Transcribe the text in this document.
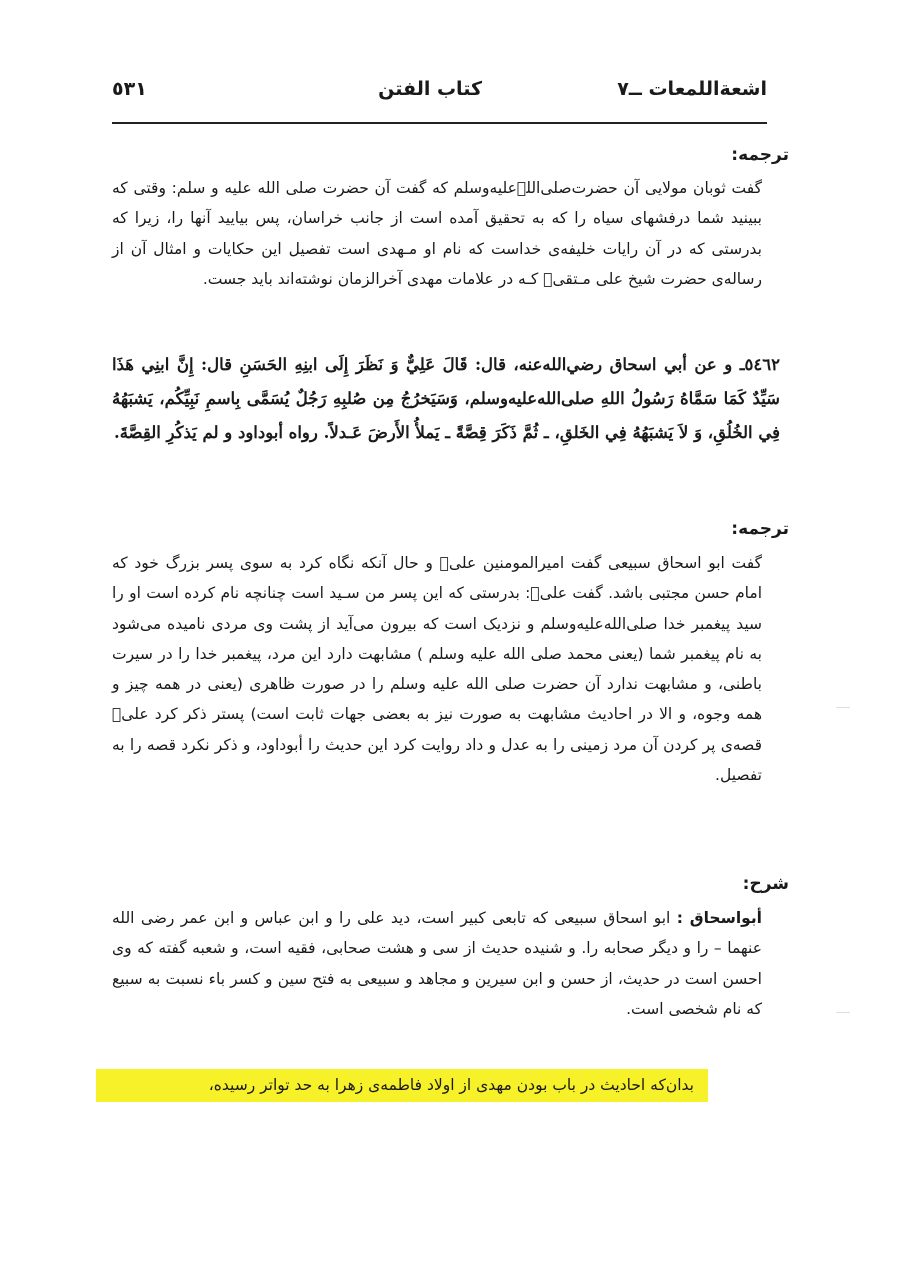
اشعةاللمعات ــ٧
کتاب الفتن
٥٣١
ترجمه:
گفت ثوبان مولایی آن حضرت‌صلی‌اللہ‌علیه‌وسلم که گفت آن حضرت صلی الله علیه و سلم: وقتی که ببینید شما درفشهای سیاه را که به تحقیق آمده است از جانب خراسان، پس بیایید آنها را، زیرا که بدرستی که در آن رایات خلیفه‌ی خداست که نام او مـهدی است تفصیل این حکایات و امثال آن از رساله‌ی حضرت شیخ علی مـتقیؒ کـه در علامات مهدی آخرالزمان نوشته‌اند باید جست.
٥٤٦٢ـ و عن أبي اسحاق رضي‌الله‌عنه، قال: قَالَ عَلِيٌّ وَ نَظَرَ إِلَى ابنِهِ الحَسَنِ قال: إِنَّ ابنِي هَذَا سَيِّدٌ كَمَا سَمَّاهُ رَسُولُ اللهِ صلى‌الله‌عليه‌وسلم، وَسَيَخرُجُ مِن صُلبِهِ رَجُلٌ يُسَمَّى بِاسمِ نَبِيِّكُم، يَشبَهُهُ فِي الخُلُقِ، وَ لاَ يَشبَهُهُ فِي الخَلقِ، ـ ثُمَّ ذَكَرَ قِصَّةً ـ يَملأُ الأَرضَ عَـدلاً. رواه أبوداود و لم يَذكُرِ القِصَّةَ.
ترجمه:
گفت ابو اسحاق سبیعی گفت امیرالمومنین علیؓ و حال آنکه نگاه کرد به سوی پسر بزرگ خود که امام حسن مجتبی باشد. گفت علیؓ: بدرستی که این پسر من سـید است چنانچه نام کرده است او را سید پیغمبر خدا صلی‌الله‌علیه‌وسلم و نزدیک است که بیرون می‌آید از پشت وی مردی نامیده می‌شود به نام پیغمبر شما (یعنی محمد صلی الله علیه وسلم ) مشابهت دارد این مرد، پیغمبر خدا را در سیرت باطنی، و مشابهت ندارد آن حضرت صلی الله علیه وسلم را در صورت ظاهری (یعنی در همه چیز و همه وجوه، و الا در احادیث مشابهت به صورت نیز به بعضی جهات ثابت است) پستر ذکر کرد علیؓ قصه‌ی پر کردن آن مرد زمینی را به عدل و داد روایت کرد این حدیث را أبوداود، و ذکر نکرد قصه را به تفصیل.
شرح:
أبواسحاق : ابو اسحاق سبیعی که تابعی کبیر است، دید علی را و ابن عباس و ابن عمر رضی الله عنهما – را و دیگر صحابه را. و شنیده حدیث از سی و هشت صحابی، فقیه است، و شعبه گفته که وی احسن است در حدیث، از حسن و ابن سیرین و مجاهد و سبیعی به فتح سین و کسر باء نسبت به سبیع که نام شخصی است.
بدان‌که احادیث در باب بودن مهدی از اولاد فاطمه‌ی زهرا به حد تواتر رسیده،
